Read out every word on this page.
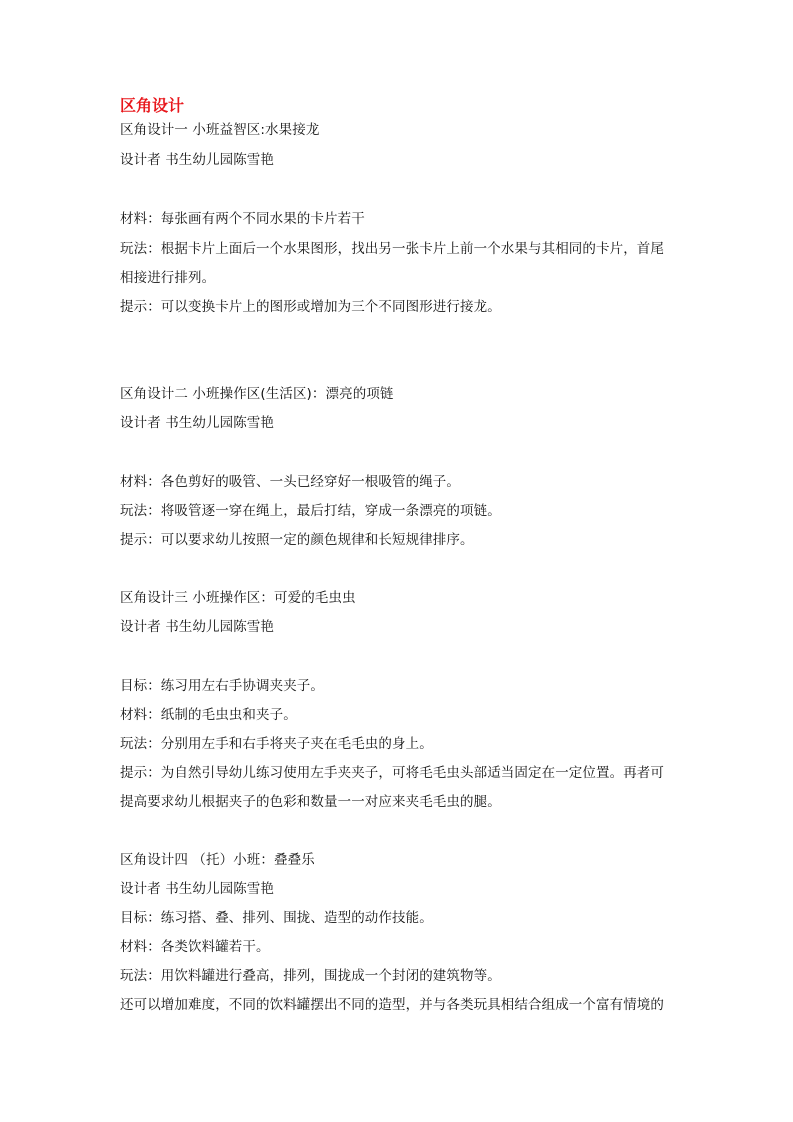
区角设计
区角设计一 小班益智区:水果接龙
设计者 书生幼儿园陈雪艳
材料：每张画有两个不同水果的卡片若干
玩法：根据卡片上面后一个水果图形，找出另一张卡片上前一个水果与其相同的卡片，首尾
相接进行排列。
提示：可以变换卡片上的图形或增加为三个不同图形进行接龙。
区角设计二 小班操作区(生活区)：漂亮的项链
设计者 书生幼儿园陈雪艳
材料：各色剪好的吸管、一头已经穿好一根吸管的绳子。
玩法：将吸管逐一穿在绳上，最后打结，穿成一条漂亮的项链。
提示：可以要求幼儿按照一定的颜色规律和长短规律排序。
区角设计三 小班操作区：可爱的毛虫虫
设计者 书生幼儿园陈雪艳
目标：练习用左右手协调夹夹子。
材料：纸制的毛虫虫和夹子。
玩法：分别用左手和右手将夹子夹在毛毛虫的身上。
提示：为自然引导幼儿练习使用左手夹夹子，可将毛毛虫头部适当固定在一定位置。再者可
提高要求幼儿根据夹子的色彩和数量一一对应来夹毛毛虫的腿。
区角设计四 （托）小班：叠叠乐
设计者 书生幼儿园陈雪艳
目标：练习搭、叠、排列、围拢、造型的动作技能。
材料：各类饮料罐若干。
玩法：用饮料罐进行叠高，排列，围拢成一个封闭的建筑物等。
还可以增加难度，不同的饮料罐摆出不同的造型，并与各类玩具相结合组成一个富有情境的
